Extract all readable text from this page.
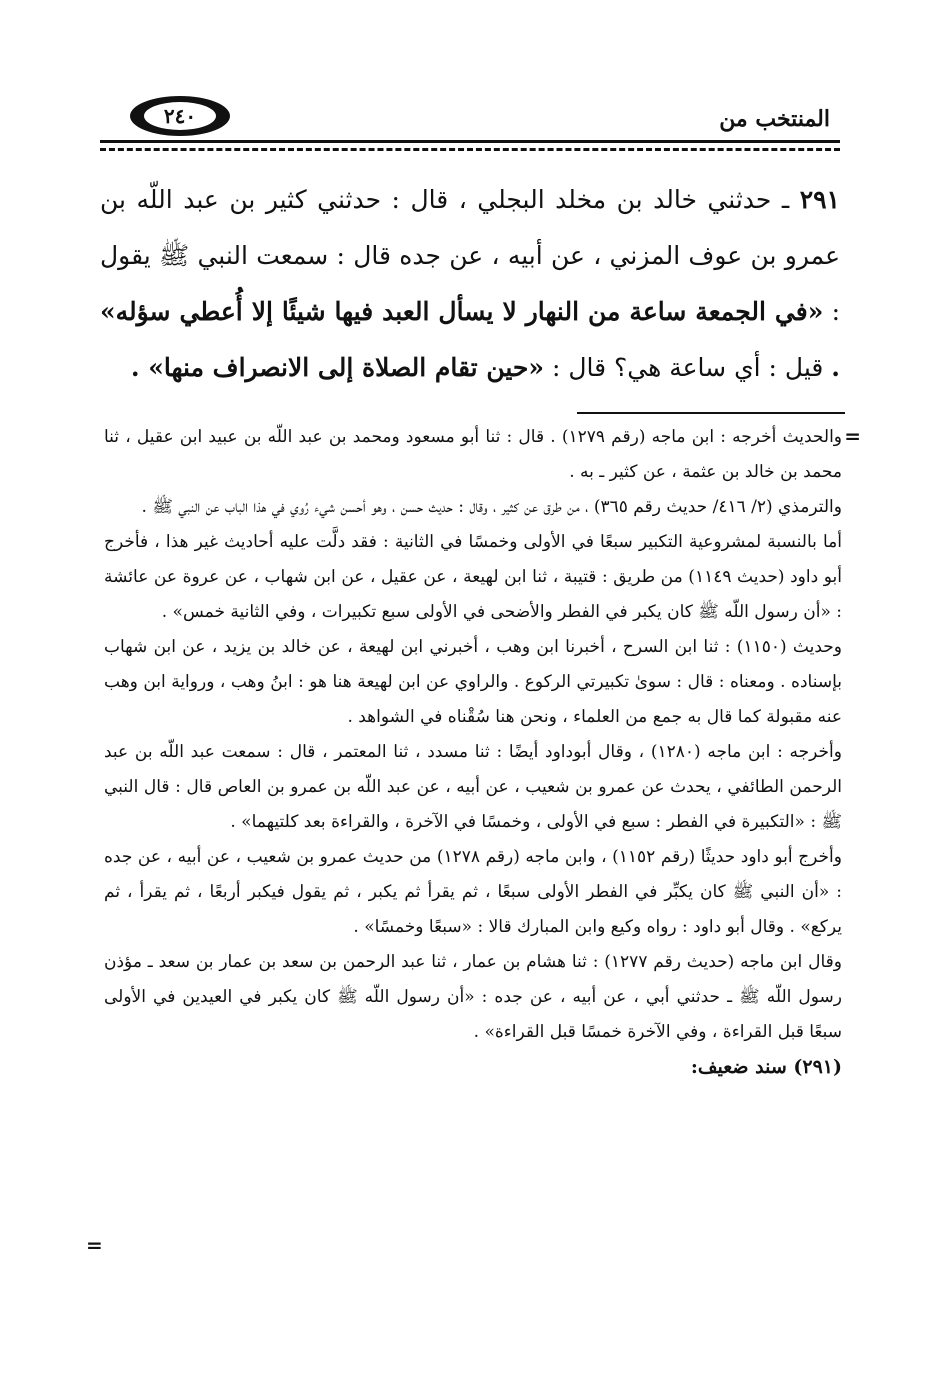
المنتخب من
٢٤٠

٢٩١ ـ حدثني خالد بن مخلد البجلي ، قال : حدثني كثير بن عبد اللّه بن عمرو بن عوف المزني ، عن أبيه ، عن جده قال : سمعت النبي ﷺ يقول : «في الجمعة ساعة من النهار لا يسأل العبد فيها شيئًا إلا أُعطي سؤله» . قيل : أي ساعة هي؟ قال : «حين تقام الصلاة إلى الانصراف منها» .

=

والحديث أخرجه : ابن ماجه (رقم ١٢٧٩) . قال : ثنا أبو مسعود ومحمد بن عبد اللّه بن عبيد ابن عقيل ، ثنا محمد بن خالد بن عثمة ، عن كثير ـ به .

والترمذي (٢/ ٤١٦/ حديث رقم ٣٦٥) ، من طرق عن كثير ، وقال : حديث حسن ، وهو أحسن شيء رُوي في هذا الباب عن النبي ﷺ .

أما بالنسبة لمشروعية التكبير سبعًا في الأولى وخمسًا في الثانية : فقد دلَّت عليه أحاديث غير هذا ، فأخرج أبو داود (حديث ١١٤٩) من طريق : قتيبة ، ثنا ابن لهيعة ، عن عقيل ، عن ابن شهاب ، عن عروة عن عائشة : «أن رسول اللّه ﷺ كان يكبر في الفطر والأضحى في الأولى سبع تكبيرات ، وفي الثانية خمس» .

وحديث (١١٥٠) : ثنا ابن السرح ، أخبرنا ابن وهب ، أخبرني ابن لهيعة ، عن خالد بن يزيد ، عن ابن شهاب بإسناده . ومعناه : قال : سوىٰ تكبيرتي الركوع . والراوي عن ابن لهيعة هنا هو : ابنُ وهب ، ورواية ابن وهب عنه مقبولة كما قال به جمع من العلماء ، ونحن هنا سُقْناه في الشواهد .

وأخرجه : ابن ماجه (١٢٨٠) ، وقال أبوداود أيضًا : ثنا مسدد ، ثنا المعتمر ، قال : سمعت عبد اللّه بن عبد الرحمن الطائفي ، يحدث عن عمرو بن شعيب ، عن أبيه ، عن عبد اللّه بن عمرو بن العاص قال : قال النبي ﷺ : «التكبيرة في الفطر : سبع في الأولى ، وخمسًا في الآخرة ، والقراءة بعد كلتيهما» .

وأخرج أبو داود حديثًا (رقم ١١٥٢) ، وابن ماجه (رقم ١٢٧٨) من حديث عمرو بن شعيب ، عن أبيه ، عن جده : «أن النبي ﷺ كان يكبِّر في الفطر الأولى سبعًا ، ثم يقرأ ثم يكبر ، ثم يقول فيكبر أربعًا ، ثم يقرأ ، ثم يركع» . وقال أبو داود : رواه وكيع وابن المبارك قالا : «سبعًا وخمسًا» .

وقال ابن ماجه (حديث رقم ١٢٧٧) : ثنا هشام بن عمار ، ثنا عبد الرحمن بن سعد بن عمار بن سعد ـ مؤذن رسول اللّه ﷺ ـ حدثني أبي ، عن أبيه ، عن جده : «أن رسول اللّه ﷺ كان يكبر في العيدين في الأولى سبعًا قبل القراءة ، وفي الآخرة خمسًا قبل القراءة» .

(٢٩١) سند ضعيف:

=
